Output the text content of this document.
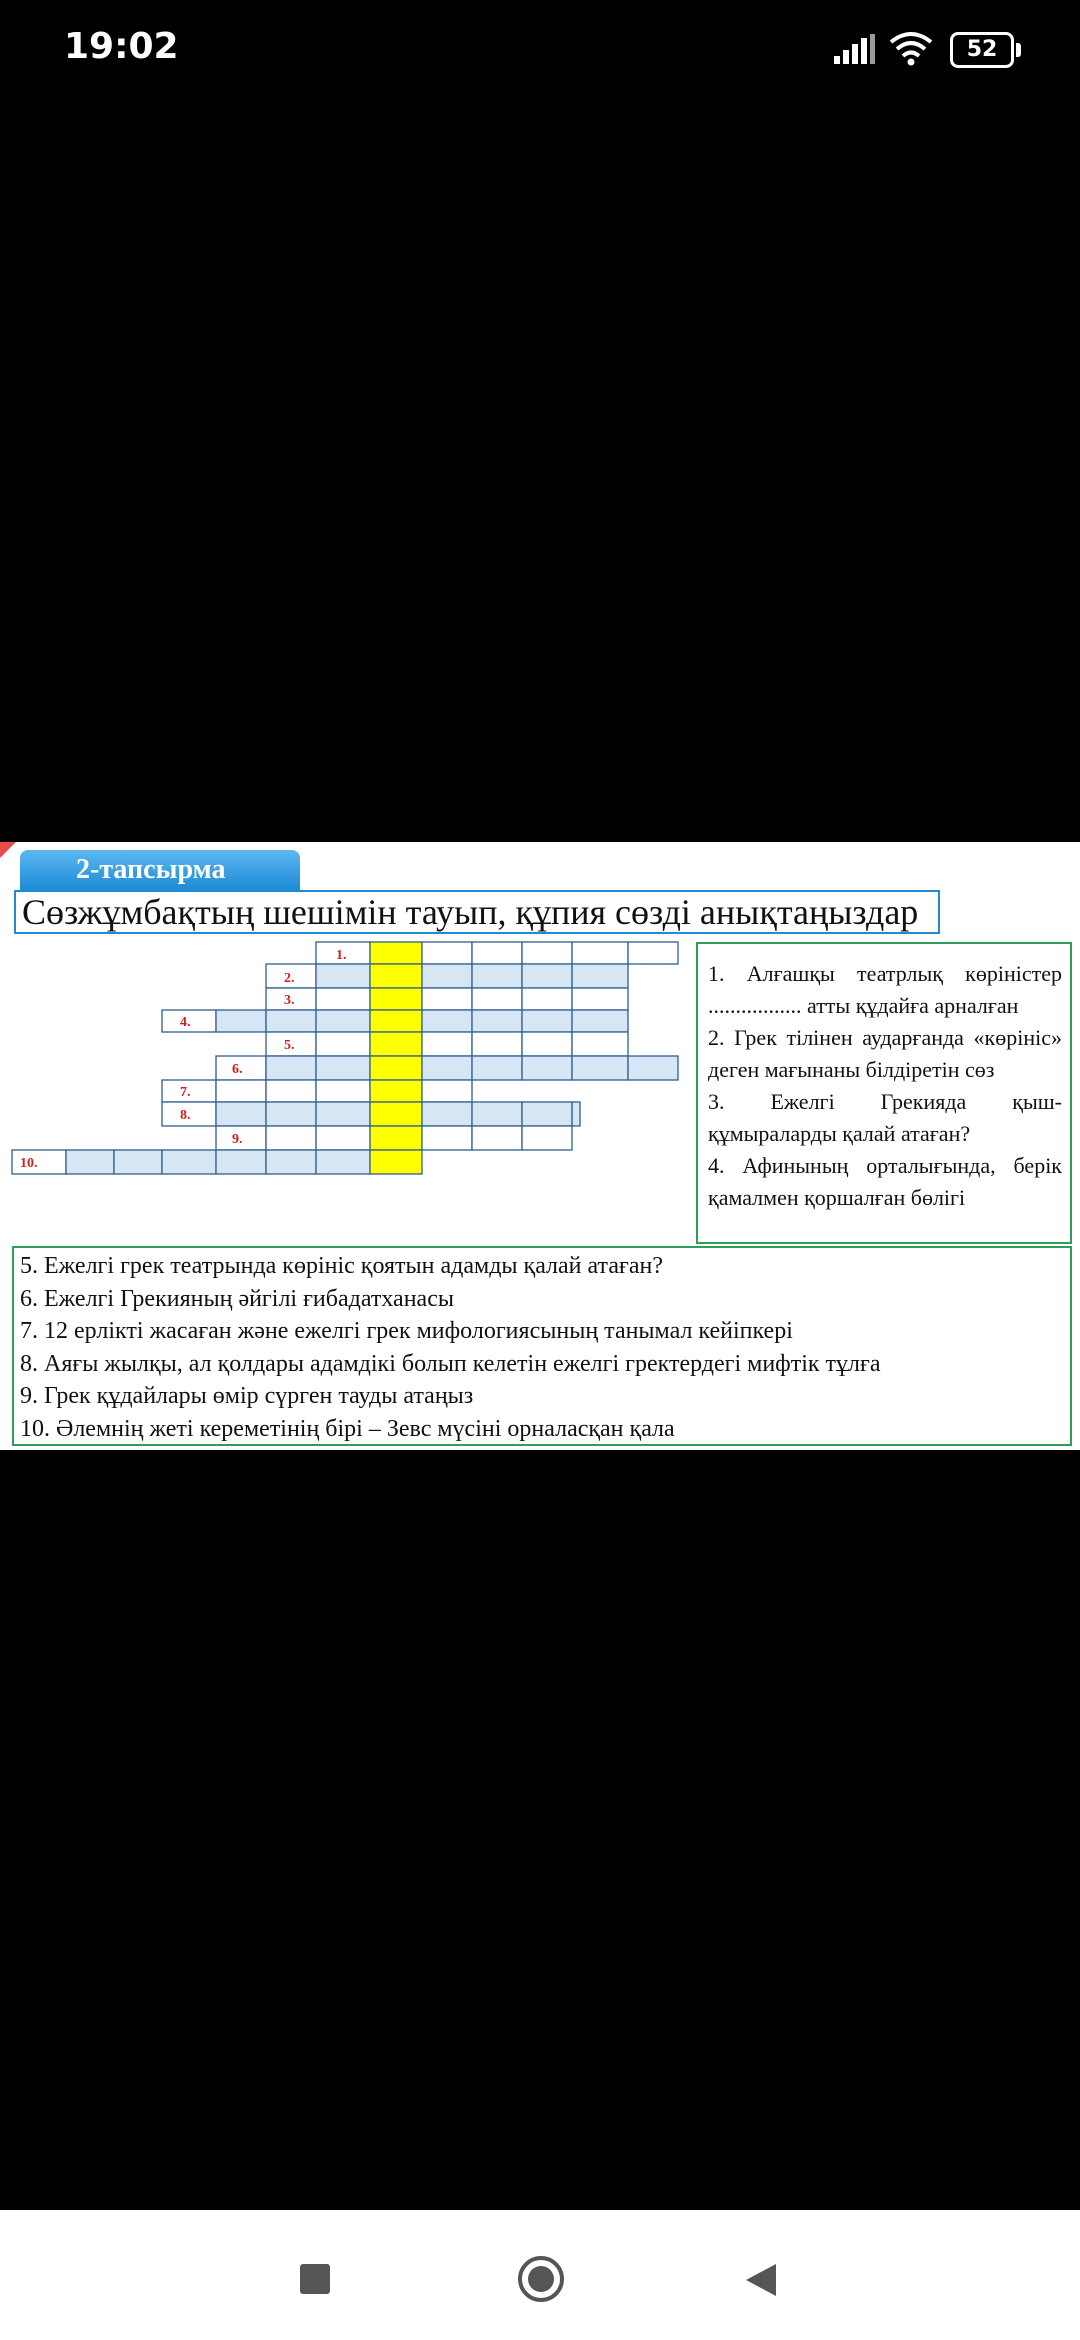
19:02	52
2-тапсырма
Сөзжұмбақтың шешімін тауып, құпия сөзді анықтаңыздар
1.
2.
3.
4.
5.
6.
7.
8.
9.
10.

1. Алғашқы театрлық көріністер ................. атты құдайға арналған

2. Грек тілінен аударғанда «көрініс» деген мағынаны білдіретін сөз

3. Ежелгі Грекияда қыш-құмыраларды қалай атаған?

4. Афинының орталығында, берік қамалмен қоршалған бөлігі

5. Ежелгі грек театрында көрініс қоятын адамды қалай атаған?
6. Ежелгі Грекияның әйгілі ғибадатханасы
7. 12 ерлікті жасаған және ежелгі грек мифологиясының танымал кейіпкері
8. Аяғы жылқы, ал қолдары адамдікі болып келетін ежелгі гректердегі мифтік тұлға
9. Грек құдайлары өмір сүрген тауды атаңыз
10. Әлемнің жеті кереметінің бірі – Зевс мүсіні орналасқан қала
